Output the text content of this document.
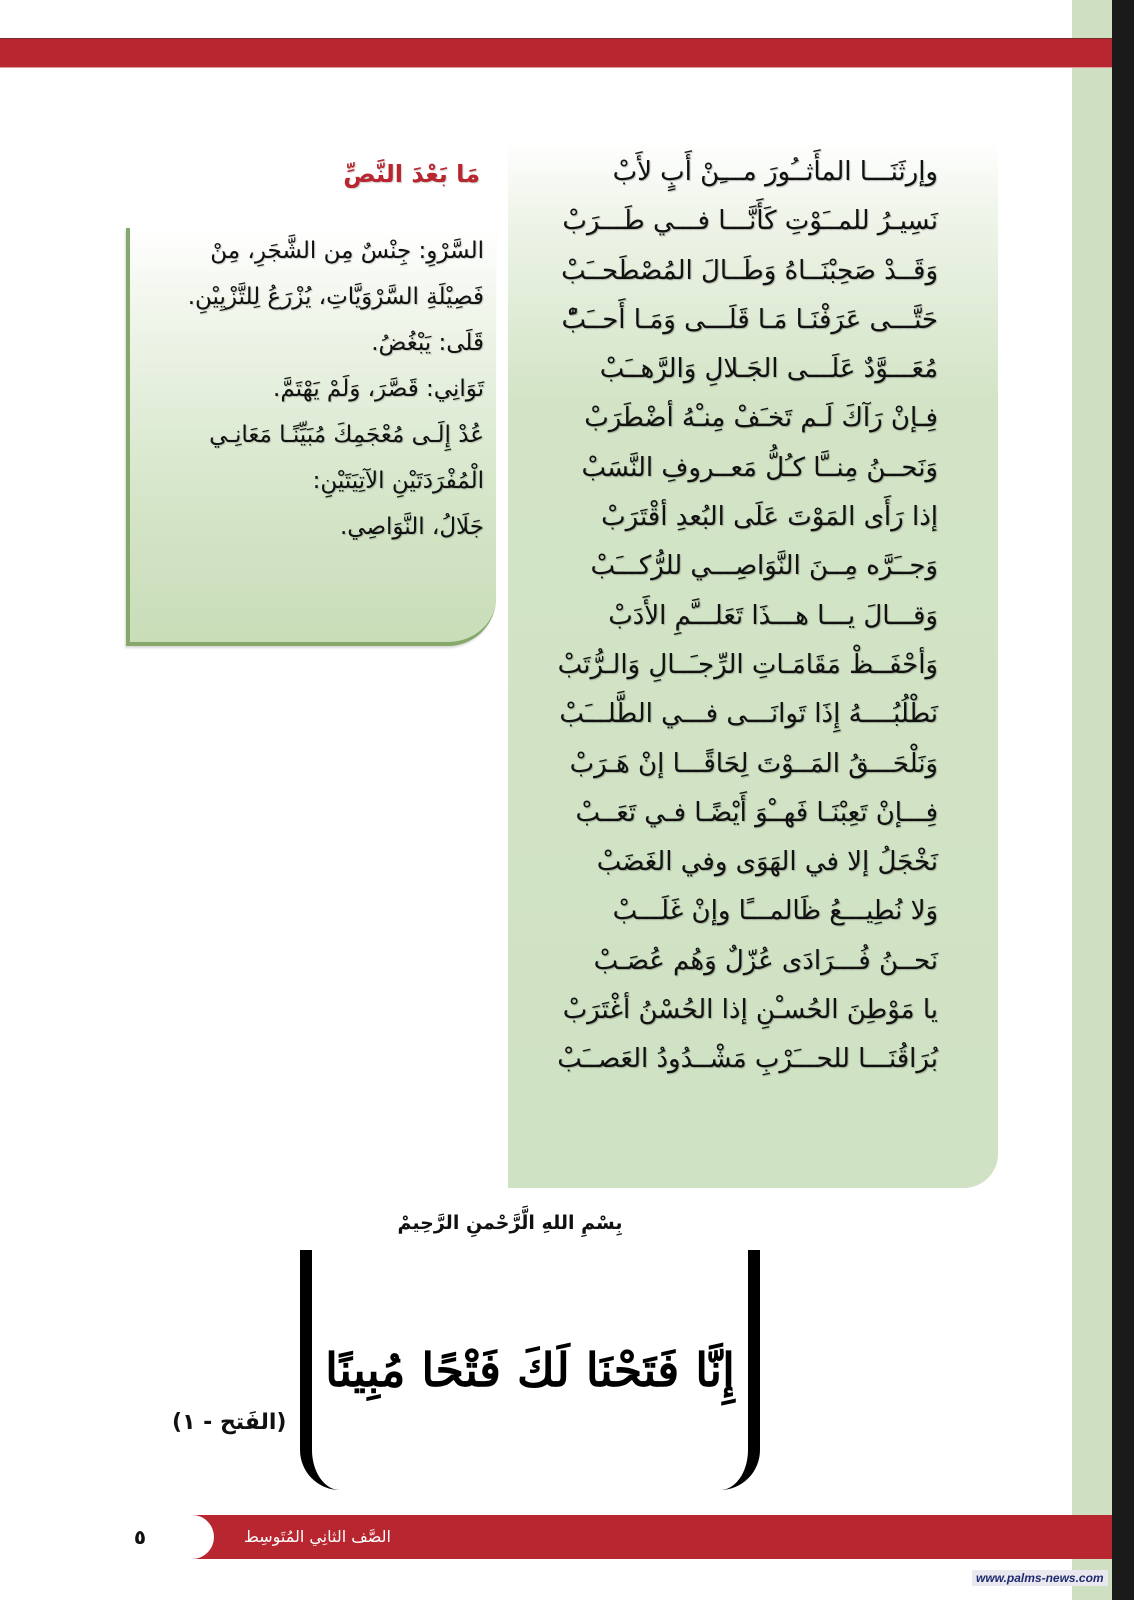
وإرثَنَـــا المأَثــُورَ مـــِنْ أَبٍ لأَبْ
نَسِيـرُ للمــَوْتِ كَأَنَّـــا فـــي طَـــرَبْ
وَقَــدْ صَحِبْنَــاهُ وَطَــالَ المُصْطَحــَبْ
حَتَّـــى عَرَفْنَـا مَـا قَلَـــى وَمَـا أَحــَبّْ
مُعَـــوَّدٌ عَلَـــى الجَـلالِ وَالرَّهــَبْ
فِـإنْ رَآكَ لَـم تَخـَفْ مِنـْهُ أضْطَرَبْ
وَنَحــنُ مِنــَّا كـُلُّ مَعــروفِ النَّسَبْ
إذا رَأَى المَوْتَ عَلَى البُعدِ أقْتَرَبْ
وَجــَرَّه مِــنَ النَّوَاصِـــي للرُّكـــَبْ
وَقـــالَ يـــا هـــذَا تَعَلـــَّمِ الأَدَبْ
وَأحْفَــظْ مَقَامَـاتِ الرِّجـَــالِ وَالـرُّتَبْ
نَطْلُبُــــهُ إِذَا تَوانَـــى فـــي الطَّلـــَبْ
وَنَلْحَـــقُ المَــوْتَ لِحَاقًـــا إنْ هَـرَبْ
فِـــإنْ تَعِبْنَـا فَهــْوَ أَيْضًـا فـي تَعَــبْ
نَخْجَلُ إلا في الهَوَى وفي الغَضَبْ
وَلا نُطِيـــعُ ظَالمـــًا وإنْ غَلَـــبْ
نَحــنُ فُـــرَادَى عُزّلٌ وَهُم عُصَـبْ
يا مَوْطِنَ الحُسـْنِ إذا الحُسْنُ أغْتَرَبْ
بُرَاقُنَـــا للحـــَرْبِ مَشْــدُودُ العَصــَبْ
مَا بَعْدَ النَّصِّ
السَّرْوِ: جِنْسٌ مِن الشَّجَرِ، مِنْ
فَصِيْلَةِ السَّرْوَيَّاتِ، يُزْرَعُ لِلتَّزْيِيْنِ.
قَلَى: يَبْغُضُ.
تَوَانِي: قَصَّرَ، وَلَمْ يَهْتَمَّ.
عُدْ إِلَـى مُعْجَمِكَ مُبَيِّنًـا مَعَانِـي
الْمُفْرَدَتَيْنِ الآتِيَتَيْنِ:
جَلَالُ، النَّوَاصِي.
بِسْمِ اللهِ الَّرَّحْمنِ الرَّحِيمْ
إِنَّا فَتَحْنَا لَكَ فَتْحًا مُبِينًا
(الفَتح - ١)
٥	الصَّف الثانِي المُتَوسِط
www.palms-news.com
